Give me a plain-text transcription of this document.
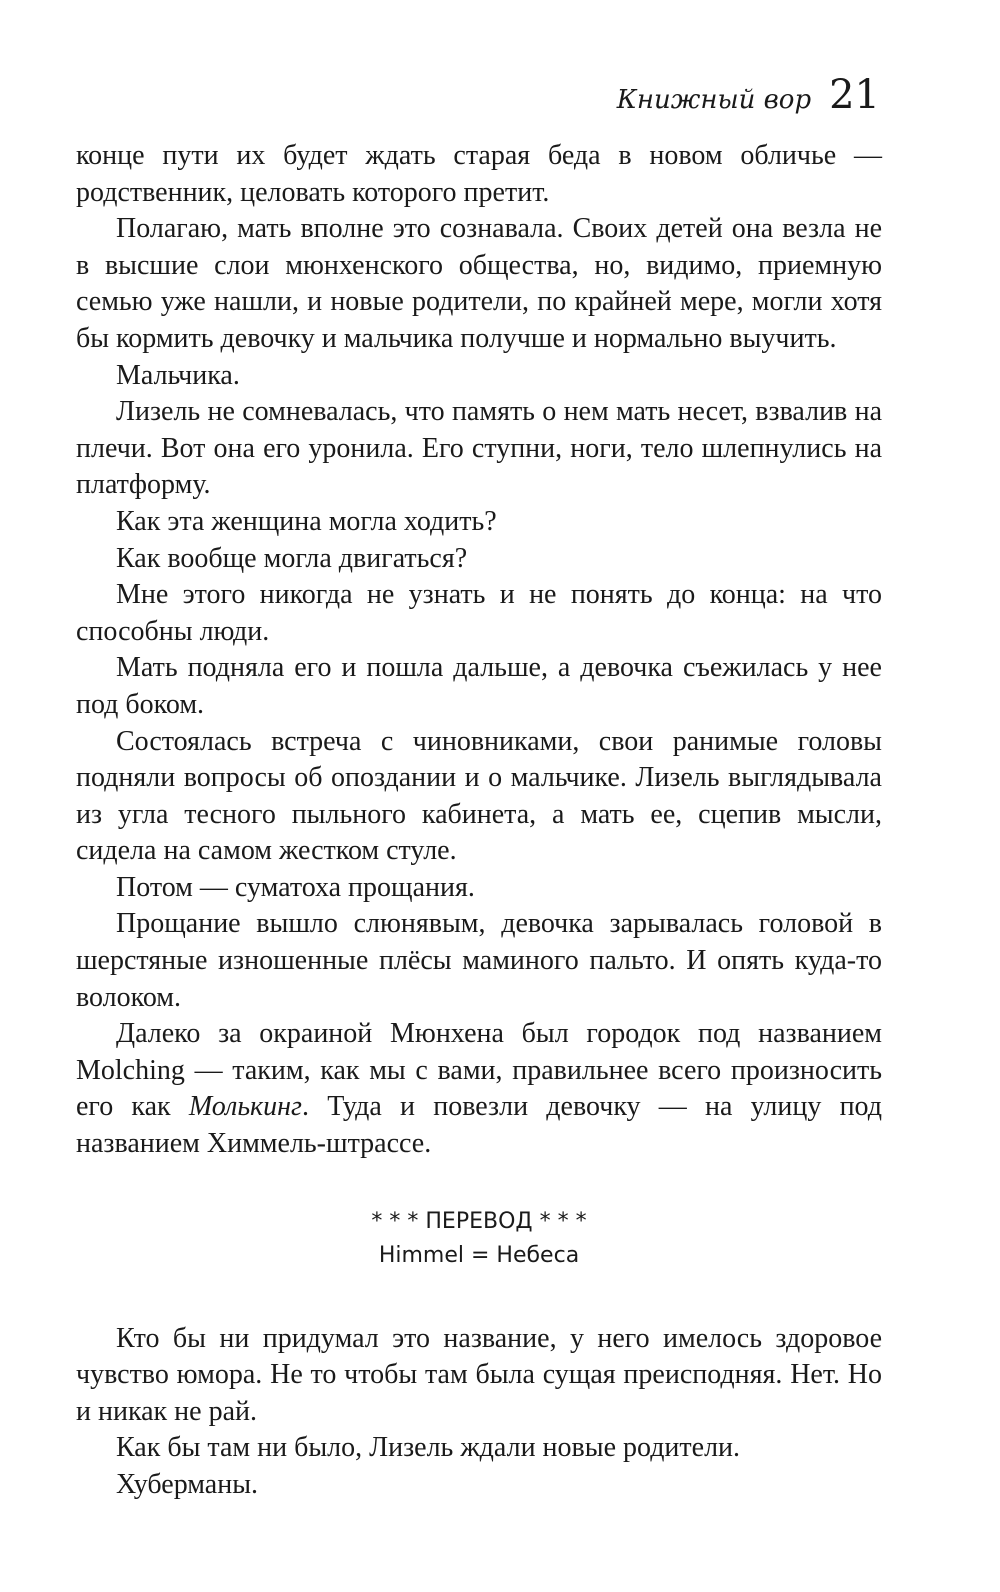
Книжный вор 21

конце пути их будет ждать старая беда в новом обличье — родственник, целовать которого претит.

Полагаю, мать вполне это сознавала. Своих детей она везла не в высшие слои мюнхенского общества, но, видимо, приемную семью уже нашли, и новые родители, по крайней мере, могли хотя бы кормить девочку и мальчика получше и нормально выучить.

Мальчика.

Лизель не сомневалась, что память о нем мать несет, взвалив на плечи. Вот она его уронила. Его ступни, ноги, тело шлепнулись на платформу.

Как эта женщина могла ходить?

Как вообще могла двигаться?

Мне этого никогда не узнать и не понять до конца: на что способны люди.

Мать подняла его и пошла дальше, а девочка съежилась у нее под боком.

Состоялась встреча с чиновниками, свои ранимые головы подняли вопросы об опоздании и о мальчике. Лизель выглядывала из угла тесного пыльного кабинета, а мать ее, сцепив мысли, сидела на самом жестком стуле.

Потом — суматоха прощания.

Прощание вышло слюнявым, девочка зарывалась головой в шерстяные изношенные плёсы маминого пальто. И опять куда-то волоком.

Далеко за окраиной Мюнхена был городок под названием Molching — таким, как мы с вами, правильнее всего произносить его как Молькинг. Туда и повезли девочку — на улицу под названием Химмель-штрассе.

* * * ПЕРЕВОД * * *
Himmel = Небеса

Кто бы ни придумал это название, у него имелось здоровое чувство юмора. Не то чтобы там была сущая преисподняя. Нет. Но и никак не рай.

Как бы там ни было, Лизель ждали новые родители.

Хуберманы.
